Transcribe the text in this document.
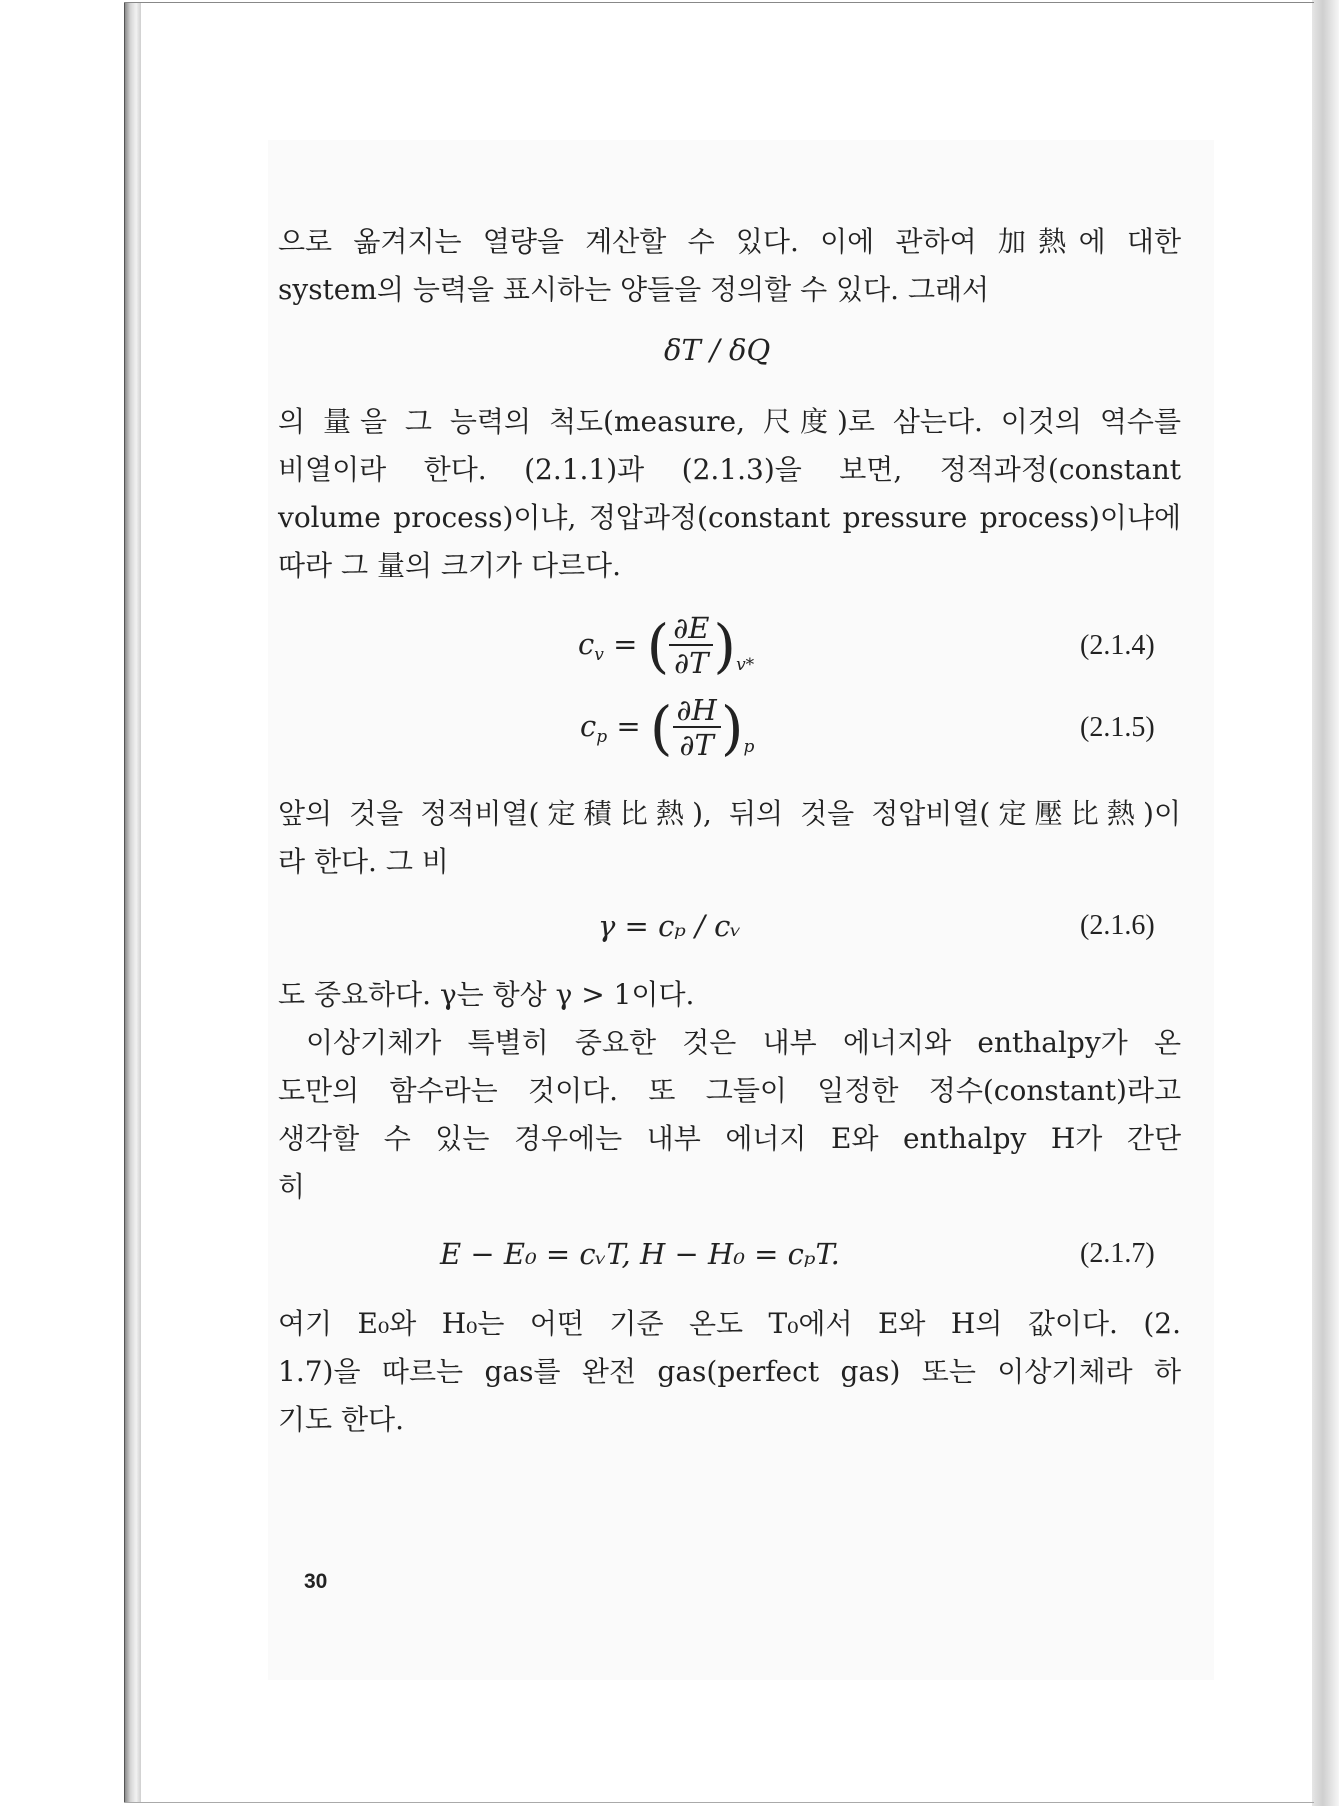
으로 옮겨지는 열량을 계산할 수 있다. 이에 관하여 加熱에 대한
system의 능력을 표시하는 양들을 정의할 수 있다. 그래서
δT / δQ
의 量을 그 능력의 척도(measure, 尺度)로 삼는다. 이것의 역수를
비열이라 한다. (2.1.1)과 (2.1.3)을 보면, 정적과정(constant
volume process)이냐, 정압과정(constant pressure process)이냐에
따라 그 量의 크기가 다르다.
$c_v$ = ( $\frac{\partial E}{\partial T} )_{v*}$
(2.1.4)
$c_p$ = ( $\frac{\partial H}{\partial T} )_p$
(2.1.5)
앞의 것을 정적비열(定積比熱), 뒤의 것을 정압비열(定壓比熱)이
라 한다. 그 비
γ = cₚ / cᵥ	(2.1.6)
도 중요하다. γ는 항상 γ > 1이다.
이상기체가 특별히 중요한 것은 내부 에너지와 enthalpy가 온
도만의 함수라는 것이다. 또 그들이 일정한 정수(constant)라고
생각할 수 있는 경우에는 내부 에너지 E와 enthalpy H가 간단
히
E − E₀ = cᵥT, H − H₀ = cₚT.	(2.1.7)
여기 E₀와 H₀는 어떤 기준 온도 T₀에서 E와 H의 값이다. (2.
1.7)을 따르는 gas를 완전 gas(perfect gas) 또는 이상기체라 하
기도 한다.
30
